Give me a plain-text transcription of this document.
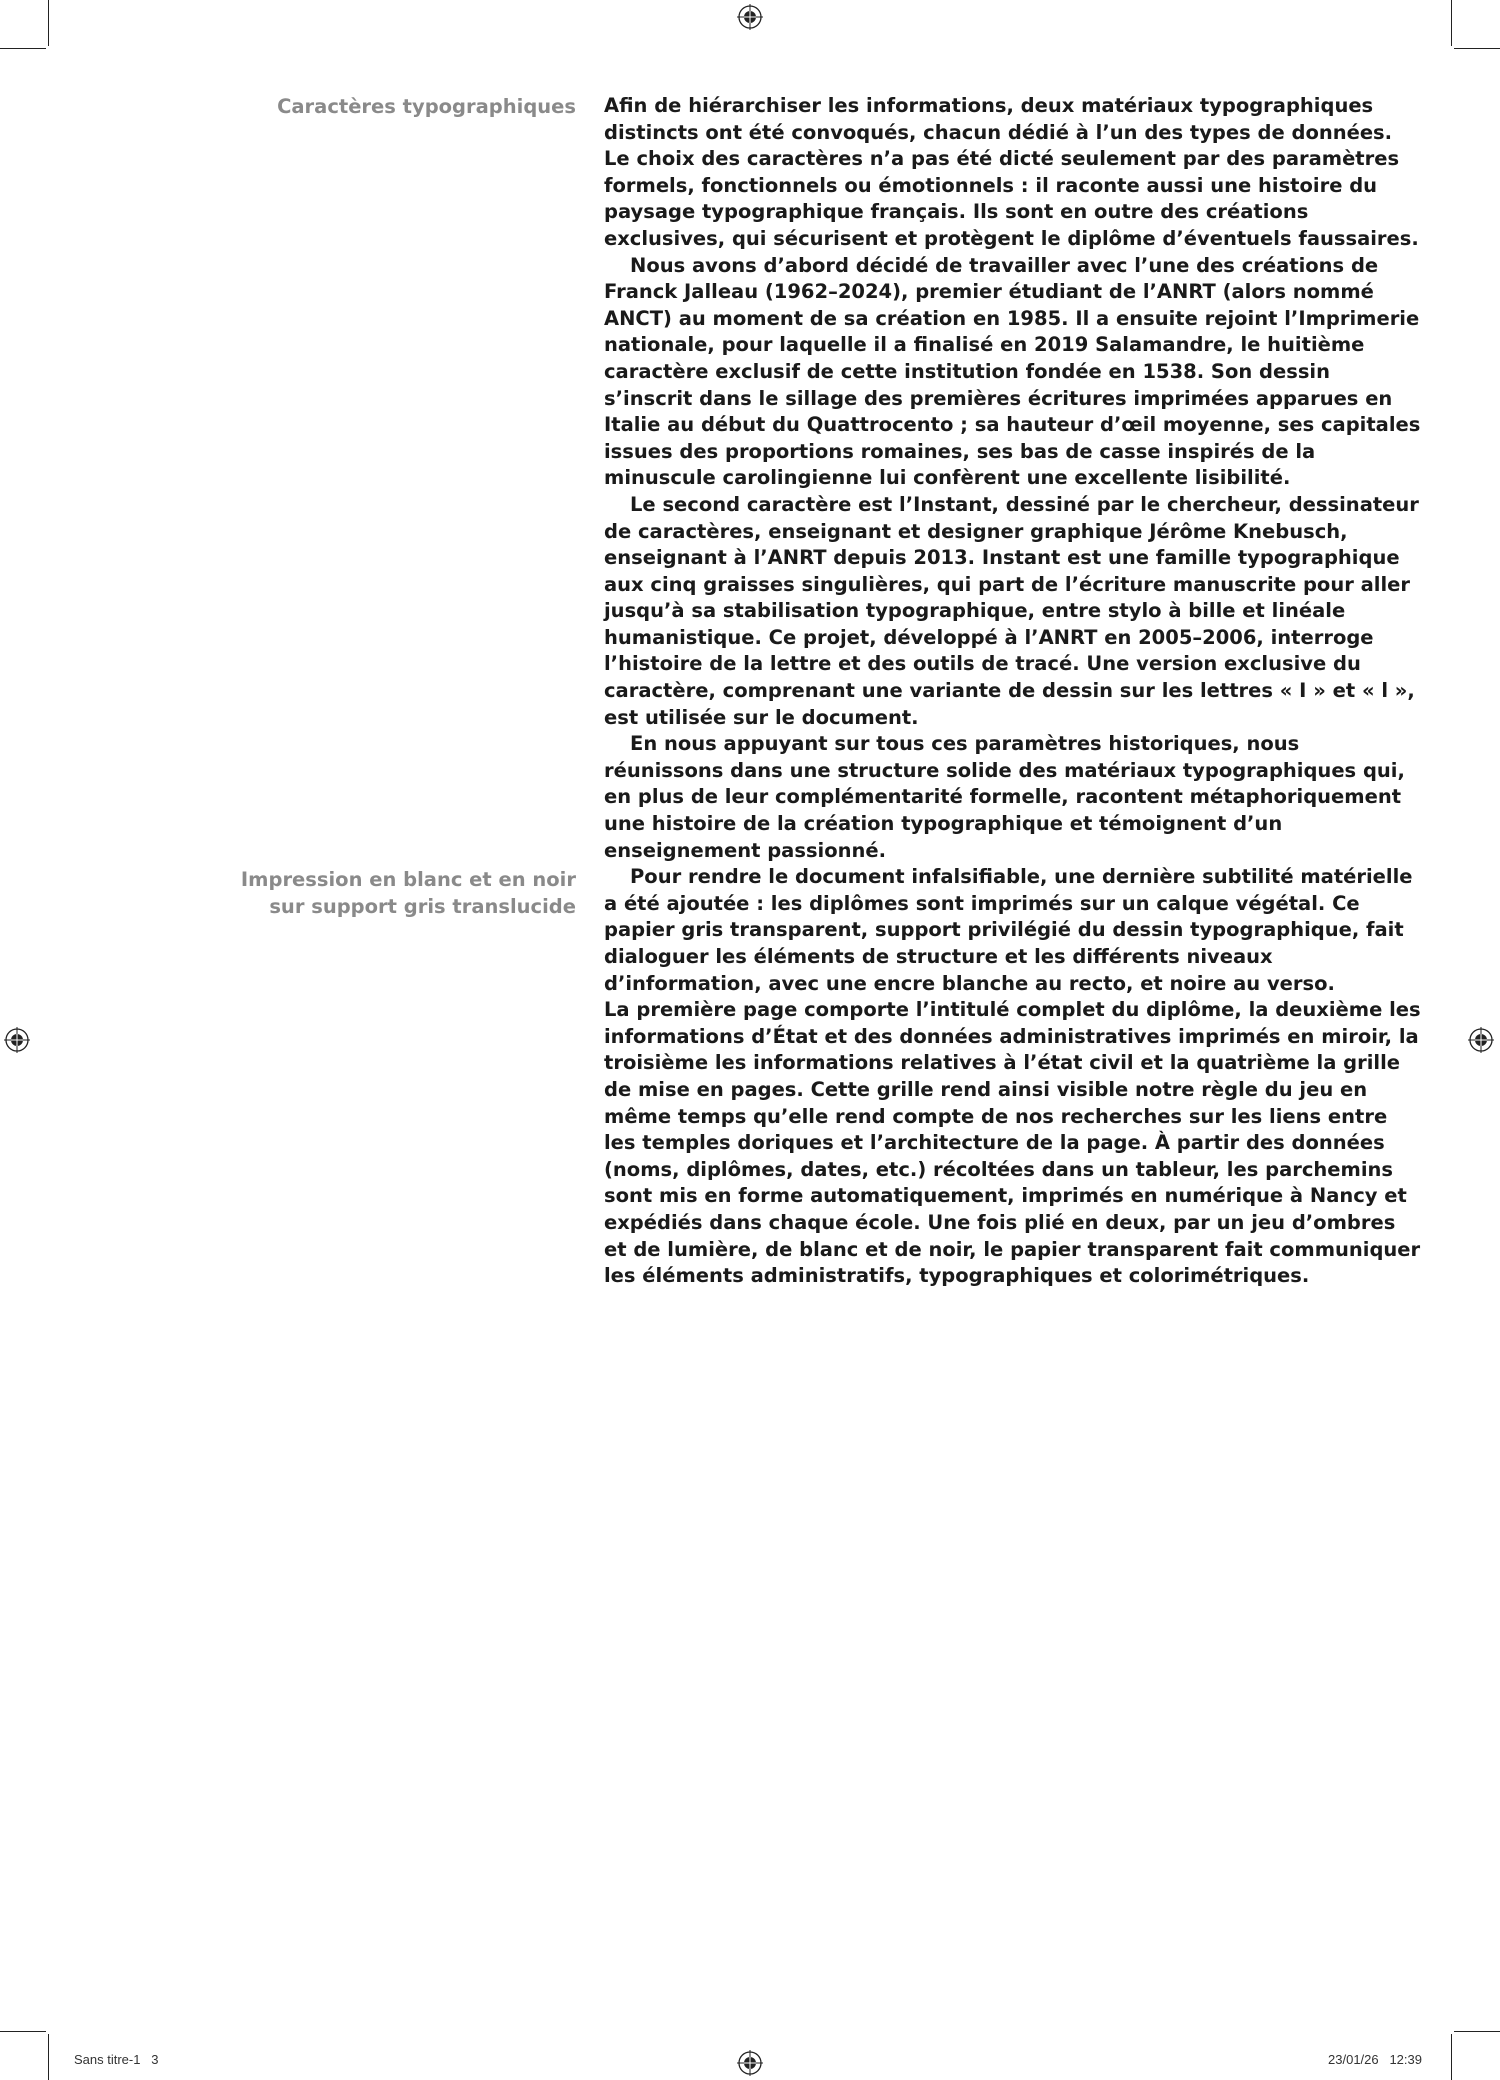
Caractères typographiques
Impression en blanc et en noir
sur support gris translucide

Afin de hiérarchiser les informations, deux matériaux typographiques distincts ont été convoqués, chacun dédié à l’un des types de données. Le choix des caractères n’a pas été dicté seulement par des paramètres formels, fonctionnels ou émotionnels : il raconte aussi une histoire du paysage typographique français. Ils sont en outre des créations exclusives, qui sécurisent et protègent le diplôme d’éventuels faussaires.

Nous avons d’abord décidé de travailler avec l’une des créations de Franck Jalleau (1962–2024), premier étudiant de l’ANRT (alors nommé ANCT) au moment de sa création en 1985. Il a ensuite rejoint l’Imprimerie nationale, pour laquelle il a finalisé en 2019 Salamandre, le huitième caractère exclusif de cette institution fondée en 1538. Son dessin s’inscrit dans le sillage des premières écritures imprimées apparues en Italie au début du Quattrocento ; sa hauteur d’œil moyenne, ses capitales issues des proportions romaines, ses bas de casse inspirés de la minuscule carolingienne lui confèrent une excellente lisibilité.

Le second caractère est l’Instant, dessiné par le chercheur, dessinateur de caractères, enseignant et designer graphique Jérôme Knebusch, enseignant à l’ANRT depuis 2013. Instant est une famille typographique aux cinq graisses singulières, qui part de l’écriture manuscrite pour aller jusqu’à sa stabilisation typographique, entre stylo à bille et linéale humanistique. Ce projet, développé à l’ANRT en 2005–2006, interroge l’histoire de la lettre et des outils de tracé. Une version exclusive du caractère, comprenant une variante de dessin sur les lettres « I » et « l », est utilisée sur le document.

En nous appuyant sur tous ces paramètres historiques, nous réunissons dans une structure solide des matériaux typographiques qui, en plus de leur complémentarité formelle, racontent métaphoriquement une histoire de la création typographique et témoignent d’un enseignement passionné.

Pour rendre le document infalsifiable, une dernière subtilité matérielle a été ajoutée : les diplômes sont imprimés sur un calque végétal. Ce papier gris transparent, support privilégié du dessin typographique, fait dialoguer les éléments de structure et les différents niveaux d’information, avec une encre blanche au recto, et noire au verso.

La première page comporte l’intitulé complet du diplôme, la deuxième les informations d’État et des données administratives imprimés en miroir, la troisième les informations relatives à l’état civil et la quatrième la grille de mise en pages. Cette grille rend ainsi visible notre règle du jeu en même temps qu’elle rend compte de nos recherches sur les liens entre les temples doriques et l’architecture de la page. À partir des données (noms, diplômes, dates, etc.) récoltées dans un tableur, les parchemins sont mis en forme automatiquement, imprimés en numérique à Nancy et expédiés dans chaque école. Une fois plié en deux, par un jeu d’ombres et de lumière, de blanc et de noir, le papier transparent fait communiquer les éléments administratifs, typographiques et colorimétriques.

Sans titre-1   3	23/01/26   12:39
